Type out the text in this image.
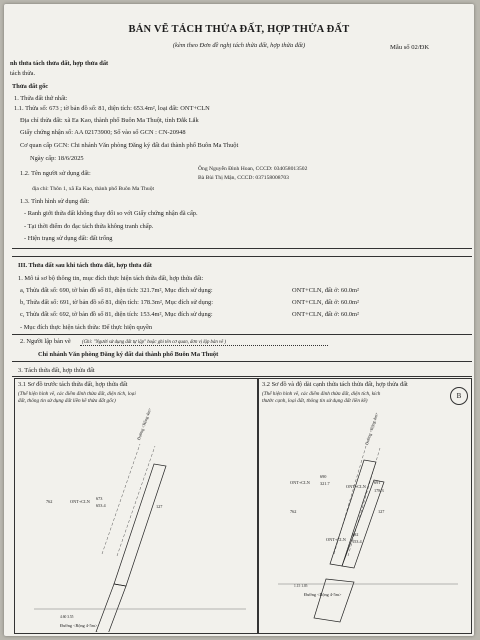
BẢN VẼ TÁCH THỬA ĐẤT, HỢP THỬA ĐẤT
(kèm theo Đơn đề nghị tách thửa đất, hợp thửa đất)	Mẫu số 02/ĐK
nh thửa tách thửa đất, hợp thửa đất
tách thửa.
Thửa đất gốc
1. Thửa đất thứ nhất:
1.1. Thửa số: 673 ; tờ bản đồ số: 81, diện tích: 653.4m², loại đất: ONT+CLN
Địa chỉ thửa đất: xã Ea Kao, thành phố Buôn Ma Thuột, tỉnh Đắk Lắk
Giấy chứng nhận số: AA 02173900; Số vào sổ GCN : CN-20948
Cơ quan cấp GCN: Chi nhánh Văn phòng Đăng ký đất đai thành phố Buôn Ma Thuột
Ngày cấp: 18/6/2025
1.2. Tên người sử dụng đất:
Ông Nguyễn Đình Hoan, CCCD: 034058013502
Bà Bùi Thị Mận, CCCD: 037158008703
địa chỉ: Thôn 1, xã Ea Kao, thành phố Buôn Ma Thuột
1.3. Tình hình sử dụng đất:
- Ranh giới thửa đất không thay đổi so với Giấy chứng nhận đã cấp.
- Tại thời điểm đo đạc tách thửa không tranh chấp.
- Hiện trạng sử dụng đất: đất trống
III. Thửa đất sau khi tách thửa đất, hợp thửa đất
1. Mô tả sơ bộ thông tin, mục đích thực hiện tách thửa đất, hợp thửa đất:
a, Thửa đất số: 690, tờ bản đồ số 81, diện tích: 321.7m², Mục đích sử dụng:	ONT+CLN, đất ở: 60.0m²
b, Thửa đất số: 691, tờ bản đồ số 81, diện tích: 178.3m², Mục đích sử dụng:	ONT+CLN, đất ở: 60.0m²
c, Thửa đất số: 692, tờ bản đồ số 81, diện tích: 153.4m², Mục đích sử dụng:	ONT+CLN, đất ở: 60.0m²
- Mục đích thực hiện tách thửa: Để thực hiện quyền
2. Người lập bản vẽ (Ghi: "Người sử dụng đất tự lập" hoặc ghi tên cơ quan, đơn vị lập bản vẽ )
Chi nhánh Văn phòng Đăng ký đất đai thành phố Buôn Ma Thuột
3. Tách thửa đất, hợp thửa đất
3.1 Sơ đồ trước tách thửa đất, hợp thửa đất
(Thể hiện hình vẽ, các điểm đỉnh thửa đất, diện tích, loại
đất, thông tin sử dụng đất liền kề thửa đất gốc)
Đường <Rộng 4m>
ONT+CLN
673
653.4
762
127
4.60 3.55
Đường <Rộng 4-5m>
3.2 Sơ đồ và độ dài cạnh thửa tách thửa đất, hợp thửa đất
(Thể hiện hình vẽ, các điểm đỉnh thửa đất, diện tích, kích
thước cạnh, loại đất, thông tin sử dụng đất liền kề)
B
Đường <Rộng 4m>
ONT+CLN
690
321.7
ONT+CLN
691
178.3
ONT+CLN
692
153.4
762	127
1.15 1.05
Đường <Rộng 4-5m>
